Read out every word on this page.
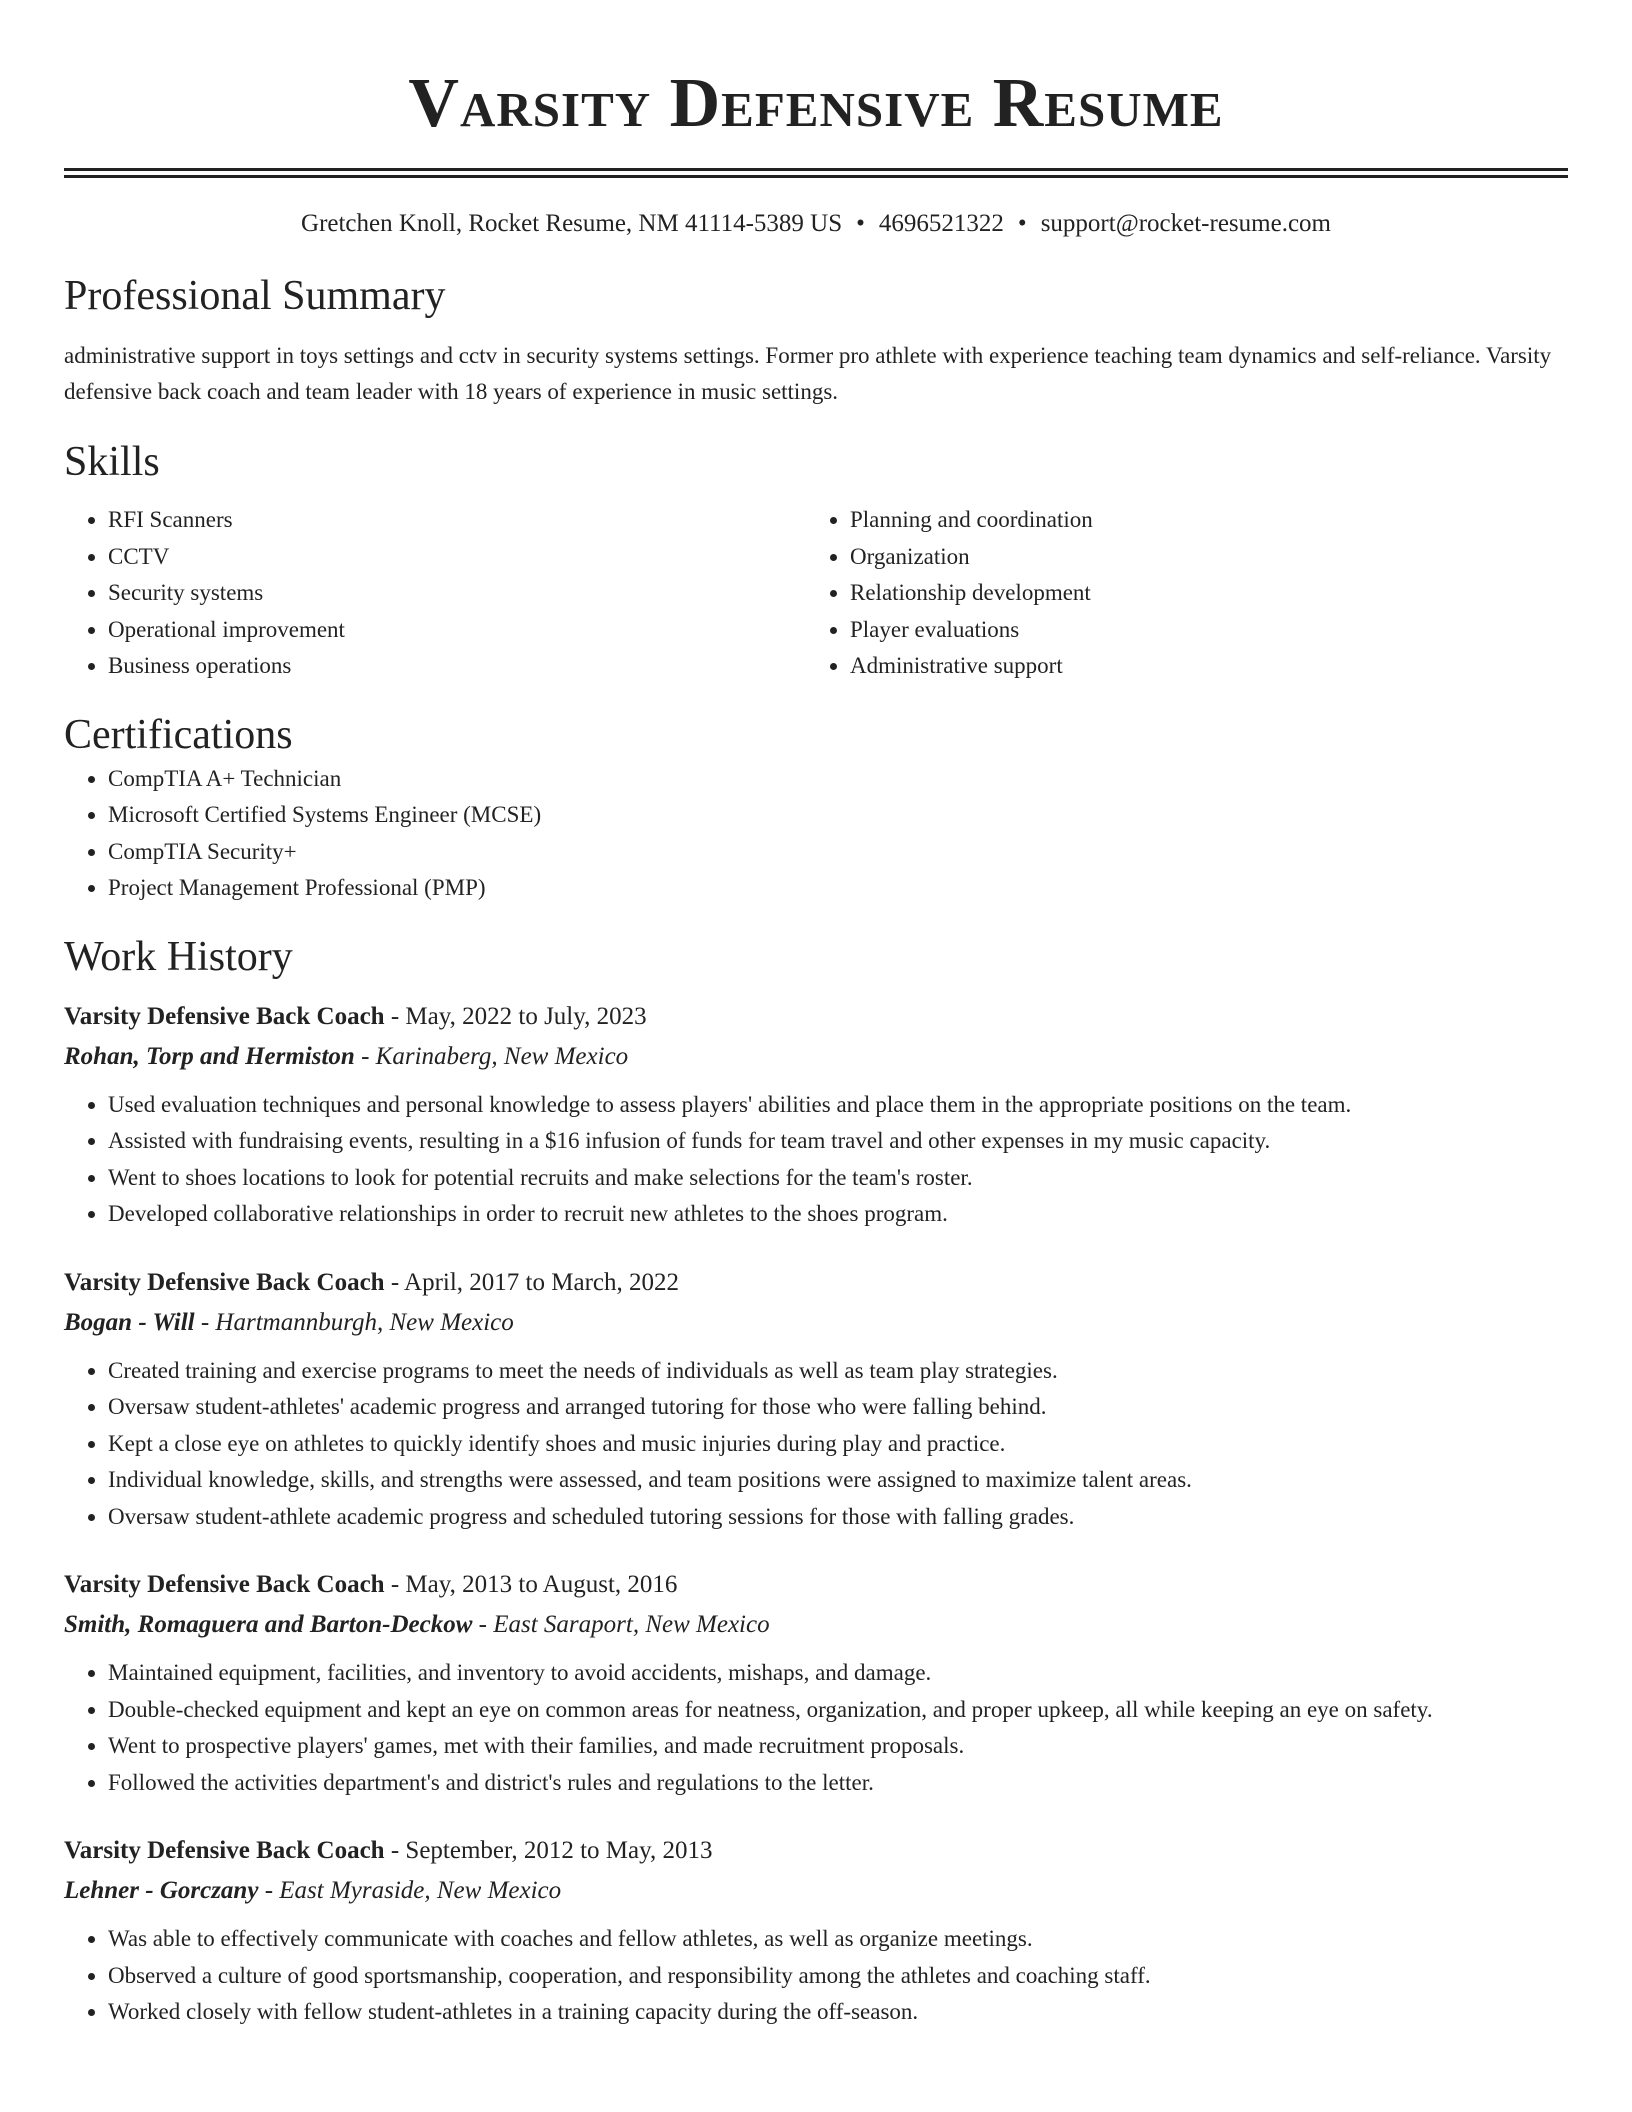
Varsity Defensive Resume
Gretchen Knoll, Rocket Resume, NM 41114-5389 US • 4696521322 • support@rocket-resume.com
Professional Summary

administrative support in toys settings and cctv in security systems settings. Former pro athlete with experience teaching team dynamics and self-reliance. Varsity defensive back coach and team leader with 18 years of experience in music settings.

Skills
• RFI Scanners
• CCTV
• Security systems
• Operational improvement
• Business operations
• Planning and coordination
• Organization
• Relationship development
• Player evaluations
• Administrative support
Certifications
• CompTIA A+ Technician
• Microsoft Certified Systems Engineer (MCSE)
• CompTIA Security+
• Project Management Professional (PMP)
Work History
Varsity Defensive Back Coach - May, 2022 to July, 2023
Rohan, Torp and Hermiston - Karinaberg, New Mexico
• Used evaluation techniques and personal knowledge to assess players' abilities and place them in the appropriate positions on the team.
• Assisted with fundraising events, resulting in a $16 infusion of funds for team travel and other expenses in my music capacity.
• Went to shoes locations to look for potential recruits and make selections for the team's roster.
• Developed collaborative relationships in order to recruit new athletes to the shoes program.
Varsity Defensive Back Coach - April, 2017 to March, 2022
Bogan - Will - Hartmannburgh, New Mexico
• Created training and exercise programs to meet the needs of individuals as well as team play strategies.
• Oversaw student-athletes' academic progress and arranged tutoring for those who were falling behind.
• Kept a close eye on athletes to quickly identify shoes and music injuries during play and practice.
• Individual knowledge, skills, and strengths were assessed, and team positions were assigned to maximize talent areas.
• Oversaw student-athlete academic progress and scheduled tutoring sessions for those with falling grades.
Varsity Defensive Back Coach - May, 2013 to August, 2016
Smith, Romaguera and Barton-Deckow - East Saraport, New Mexico
• Maintained equipment, facilities, and inventory to avoid accidents, mishaps, and damage.
• Double-checked equipment and kept an eye on common areas for neatness, organization, and proper upkeep, all while keeping an eye on safety.
• Went to prospective players' games, met with their families, and made recruitment proposals.
• Followed the activities department's and district's rules and regulations to the letter.
Varsity Defensive Back Coach - September, 2012 to May, 2013
Lehner - Gorczany - East Myraside, New Mexico
• Was able to effectively communicate with coaches and fellow athletes, as well as organize meetings.
• Observed a culture of good sportsmanship, cooperation, and responsibility among the athletes and coaching staff.
• Worked closely with fellow student-athletes in a training capacity during the off-season.
